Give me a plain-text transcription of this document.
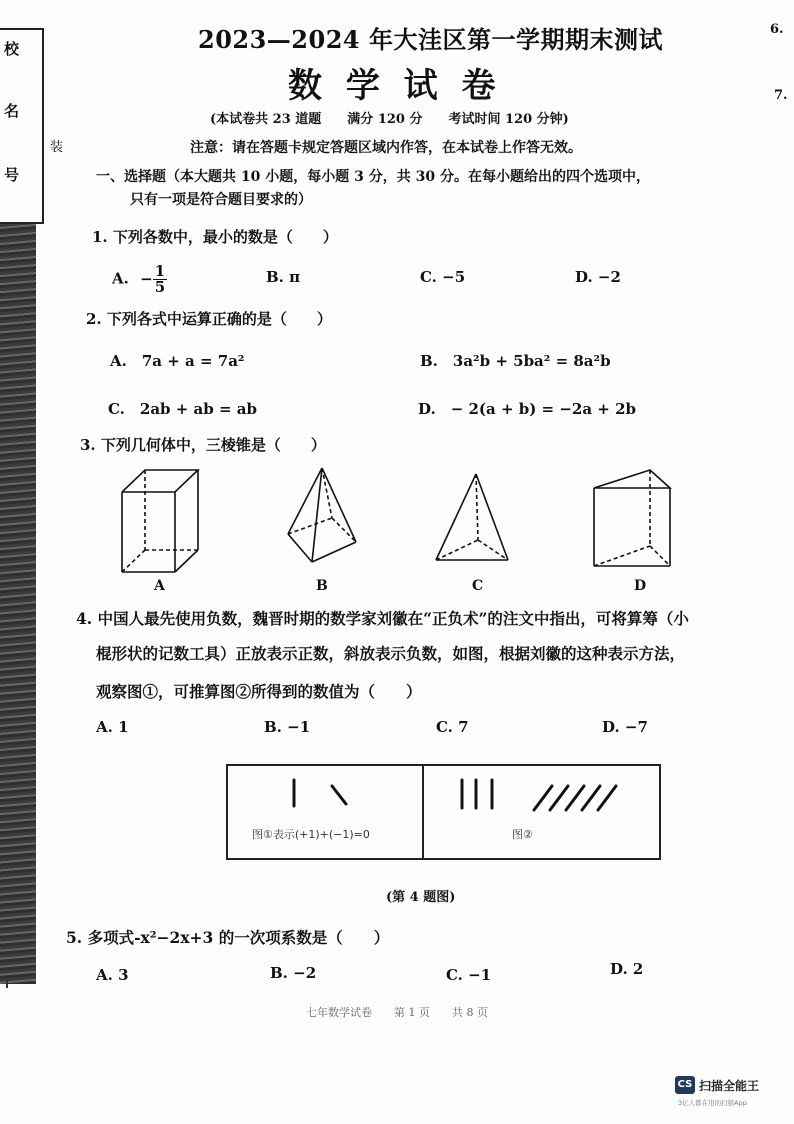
校
名
号
装
6.
7.
2023—2024 年大洼区第一学期期末测试
数 学 试 卷
(本试卷共 23 道题　　满分 120 分　　考试时间 120 分钟)
注意：请在答题卡规定答题区域内作答，在本试卷上作答无效。
一、选择题（本大题共 10 小题，每小题 3 分，共 30 分。在每小题给出的四个选项中，
只有一项是符合题目要求的）
1. 下列各数中，最小的数是（　　）
A. − $\frac{1}{5}$	B. π	C. −5	D. −2
2. 下列各式中运算正确的是（　　）
A.　7a + a = 7a²	B.　3a²b + 5ba² = 8a²b
C.　2ab + ab = ab	D.　− 2(a + b) = −2a + 2b
3. 下列几何体中，三棱锥是（　　）
A	B	C	D
4. 中国人最先使用负数，魏晋时期的数学家刘徽在“正负术”的注文中指出，可将算筹（小
棍形状的记数工具）正放表示正数，斜放表示负数，如图，根据刘徽的这种表示方法，
观察图①，可推算图②所得到的数值为（　　）
A. 1	B. −1	C. 7	D. −7
图①表示(+1)+(−1)=0	图②
(第 4 题图)
5. 多项式-x²−2x+3 的一次项系数是（　　）
A. 3	B. −2	C. −1	D. 2
七年数学试卷　　第 1 页　　共 8 页
CS 扫描全能王
3亿人都在用的扫描App
